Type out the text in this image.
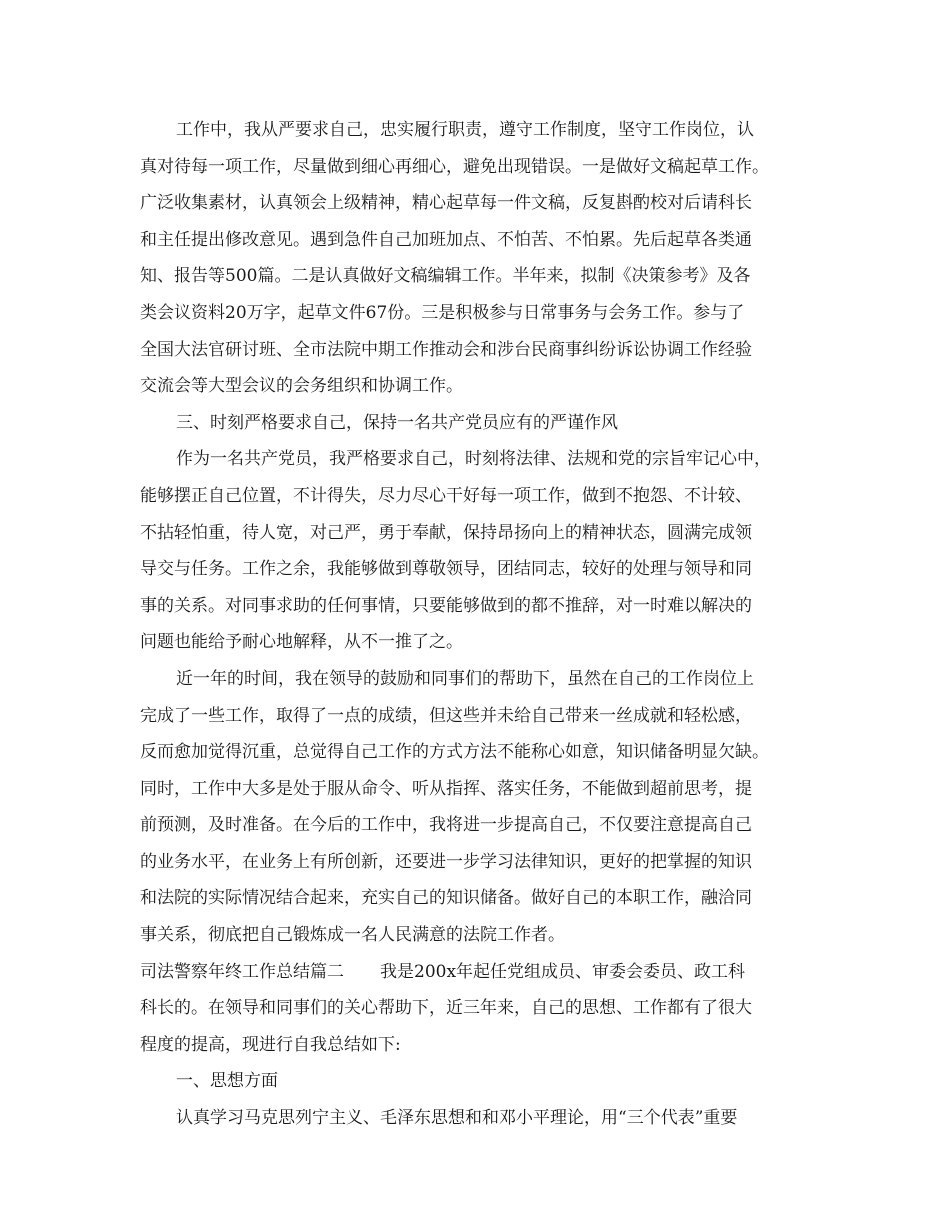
工作中，我从严要求自己，忠实履行职责，遵守工作制度，坚守工作岗位，认
真对待每一项工作，尽量做到细心再细心，避免出现错误。一是做好文稿起草工作。
广泛收集素材，认真领会上级精神，精心起草每一件文稿，反复斟酌校对后请科长
和主任提出修改意见。遇到急件自己加班加点、不怕苦、不怕累。先后起草各类通
知、报告等500篇。二是认真做好文稿编辑工作。半年来，拟制《决策参考》及各
类会议资料20万字，起草文件67份。三是积极参与日常事务与会务工作。参与了
全国大法官研讨班、全市法院中期工作推动会和涉台民商事纠纷诉讼协调工作经验
交流会等大型会议的会务组织和协调工作。
三、时刻严格要求自己，保持一名共产党员应有的严谨作风
作为一名共产党员，我严格要求自己，时刻将法律、法规和党的宗旨牢记心中，
能够摆正自己位置，不计得失，尽力尽心干好每一项工作，做到不抱怨、不计较、
不拈轻怕重，待人宽，对己严，勇于奉献，保持昂扬向上的精神状态，圆满完成领
导交与任务。工作之余，我能够做到尊敬领导，团结同志，较好的处理与领导和同
事的关系。对同事求助的任何事情，只要能够做到的都不推辞，对一时难以解决的
问题也能给予耐心地解释，从不一推了之。
近一年的时间，我在领导的鼓励和同事们的帮助下，虽然在自己的工作岗位上
完成了一些工作，取得了一点的成绩，但这些并未给自己带来一丝成就和轻松感，
反而愈加觉得沉重，总觉得自己工作的方式方法不能称心如意，知识储备明显欠缺。
同时，工作中大多是处于服从命令、听从指挥、落实任务，不能做到超前思考，提
前预测，及时准备。在今后的工作中，我将进一步提高自己，不仅要注意提高自己
的业务水平，在业务上有所创新，还要进一步学习法律知识，更好的把掌握的知识
和法院的实际情况结合起来，充实自己的知识储备。做好自己的本职工作，融洽同
事关系，彻底把自己锻炼成一名人民满意的法院工作者。
司法警察年终工作总结篇二 我是200x年起任党组成员、审委会委员、政工科
科长的。在领导和同事们的关心帮助下，近三年来，自己的思想、工作都有了很大
程度的提高，现进行自我总结如下:
一、思想方面
认真学习马克思列宁主义、毛泽东思想和和邓小平理论，用“三个代表”重要
